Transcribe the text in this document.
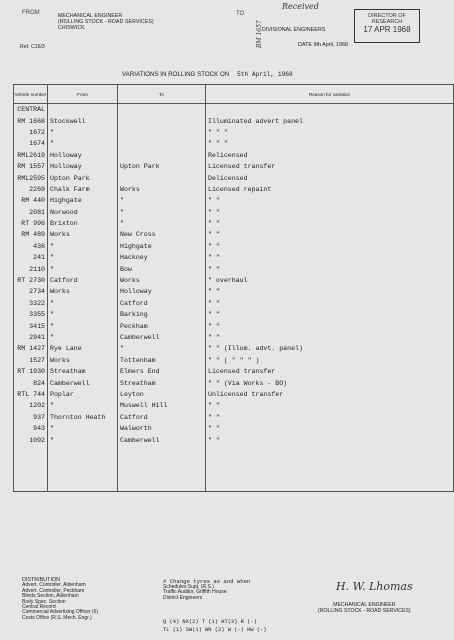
FROM	MECHANICAL ENGINEER
(ROLLING STOCK - ROAD SERVICES)
CHISWICK
TO
DIVISIONAL ENGINEERS
Ref. C16/3	DATE 9th April, 1968
Received
DIRECTOR OF
RESEARCH
17 APR 1968
BM 1657
VARIATIONS IN ROLLING STOCK ON 5th April, 1968
Vehicle number	From	To	Reason for variation
CENTRAL			
RM 1668	Stockwell		Illuminated advert panel
1672	"		" " "
1674	"		" " "
RML2619	Holloway		Relicensed
RM 1557	Holloway	Upton Park	Licensed transfer
RML2595	Upton Park		Delicensed
2269	Chalk Farm	Works	Licensed repaint
RM 440	Highgate	"	" "
2081	Norwood	"	" "
RT 996	Brixton	"	" "
RM 489	Works	New Cross	" "
436	"	Highgate	" "
241	"	Hackney	" "
2110	"	Bow	" "
RT 2730	Catford	Works	" overhaul
2734	Works	Holloway	" "
3322	"	Catford	" "
3355	"	Barking	" "
3415	"	Peckham	" "
2941	"	Camberwell	" "
RM 1427	Rye Lane	"	" " (Illum. advt. panel)
1527	Works	Tottenham	" " ( " " " )
RT 1930	Streatham	Elmers End	Licensed transfer
824	Camberwell	Streatham	" " (Via Works - BO)
RTL 744	Poplar	Leyton	Unlicensed transfer
1202	"	Muswell Hill	" "
937	Thornton Heath	Catford	" "
943	"	Walworth	" "
1092	"	Camberwell	" "

DISTRIBUTION
Advert. Controller, Aldenham
Advert. Controller, Peckham
Blinds Section, Aldenham
Body Spec. Section
Central Record
Commercial Advertising Officer (6)
Costs Office (R.S. Mech. Engr.)
# Change tyres as and when
Schedules Supt. (R.S.)
Traffic Auditor, Griffith House
District Engineers
Q (4) NX(2) T (1) HT(3) R (-)
TL (1) SW(1) WN (2) W (-) HW (-)
H. W. Lhomas
MECHANICAL ENGINEER
(ROLLING STOCK - ROAD SERVICES)
